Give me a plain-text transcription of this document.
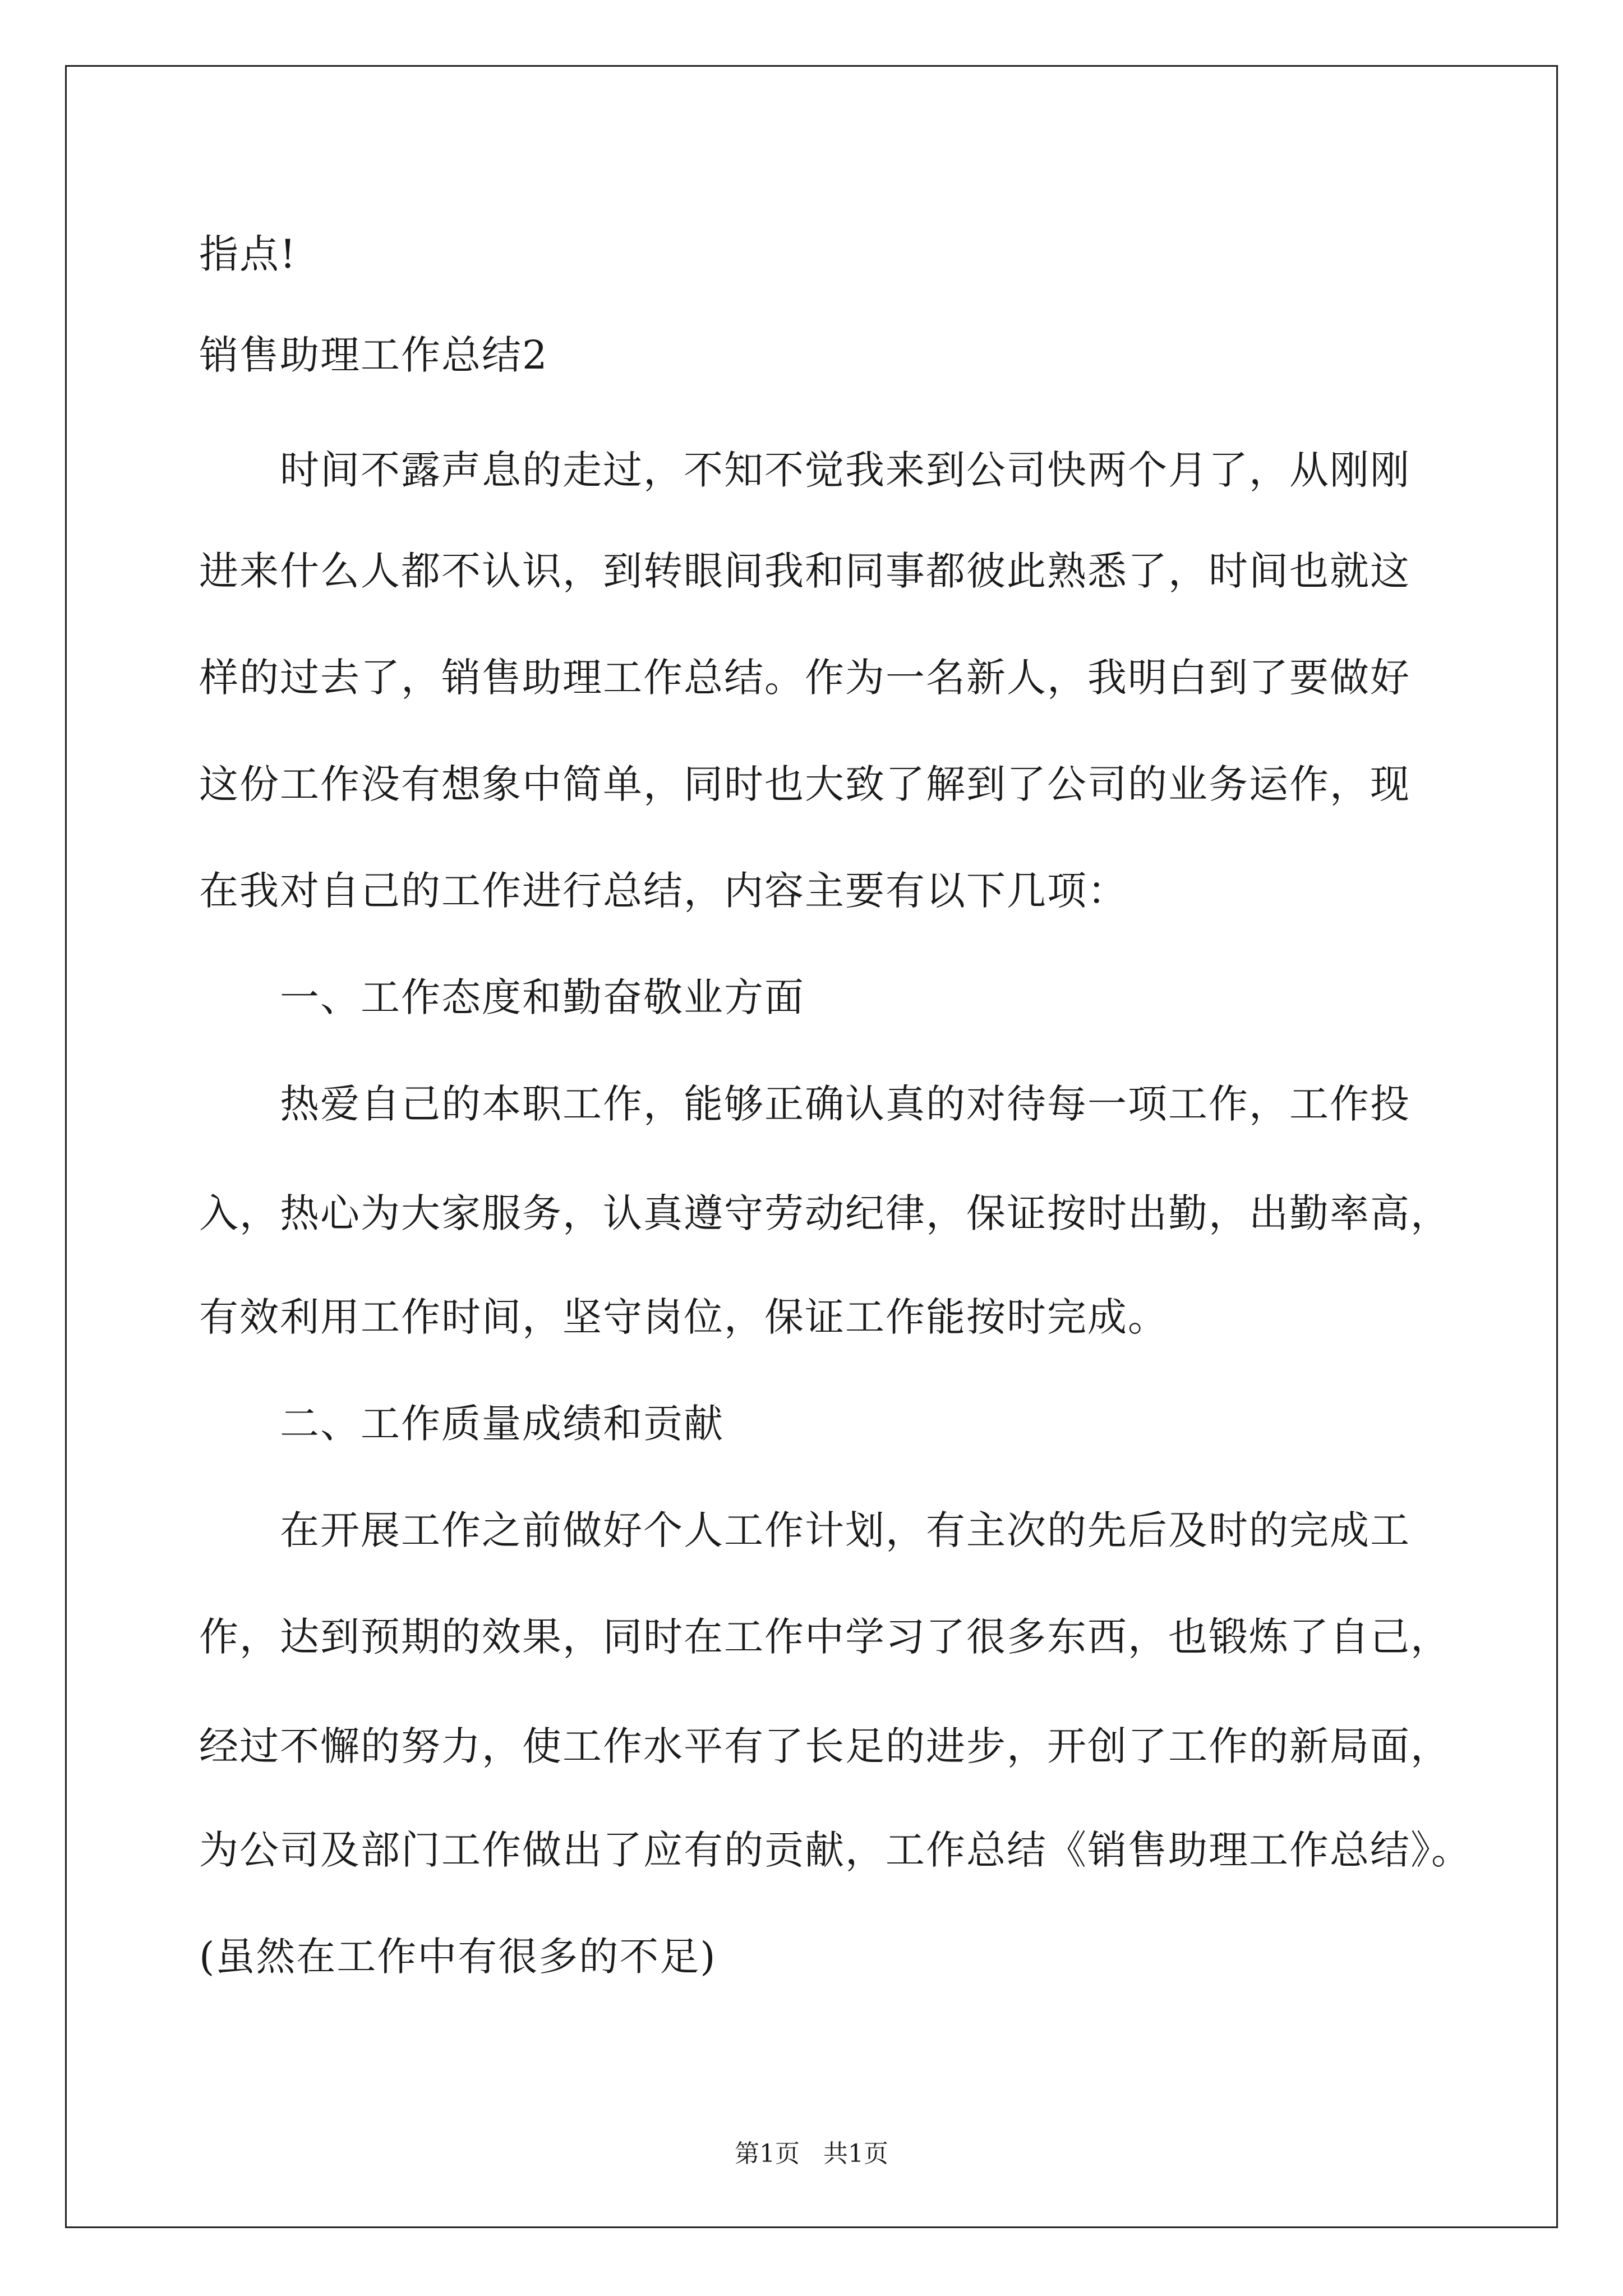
指点!
销售助理工作总结2
　　时间不露声息的走过，不知不觉我来到公司快两个月了，从刚刚
进来什么人都不认识，到转眼间我和同事都彼此熟悉了，时间也就这
样的过去了，销售助理工作总结。作为一名新人，我明白到了要做好
这份工作没有想象中简单，同时也大致了解到了公司的业务运作，现
在我对自己的工作进行总结，内容主要有以下几项：
　　一、工作态度和勤奋敬业方面
　　热爱自己的本职工作，能够正确认真的对待每一项工作，工作投
入，热心为大家服务，认真遵守劳动纪律，保证按时出勤，出勤率高，
有效利用工作时间，坚守岗位，保证工作能按时完成。
　　二、工作质量成绩和贡献
　　在开展工作之前做好个人工作计划，有主次的先后及时的完成工
作，达到预期的效果，同时在工作中学习了很多东西，也锻炼了自己，
经过不懈的努力，使工作水平有了长足的进步，开创了工作的新局面，
为公司及部门工作做出了应有的贡献，工作总结《销售助理工作总结》。
(虽然在工作中有很多的不足)
第1页 共1页
